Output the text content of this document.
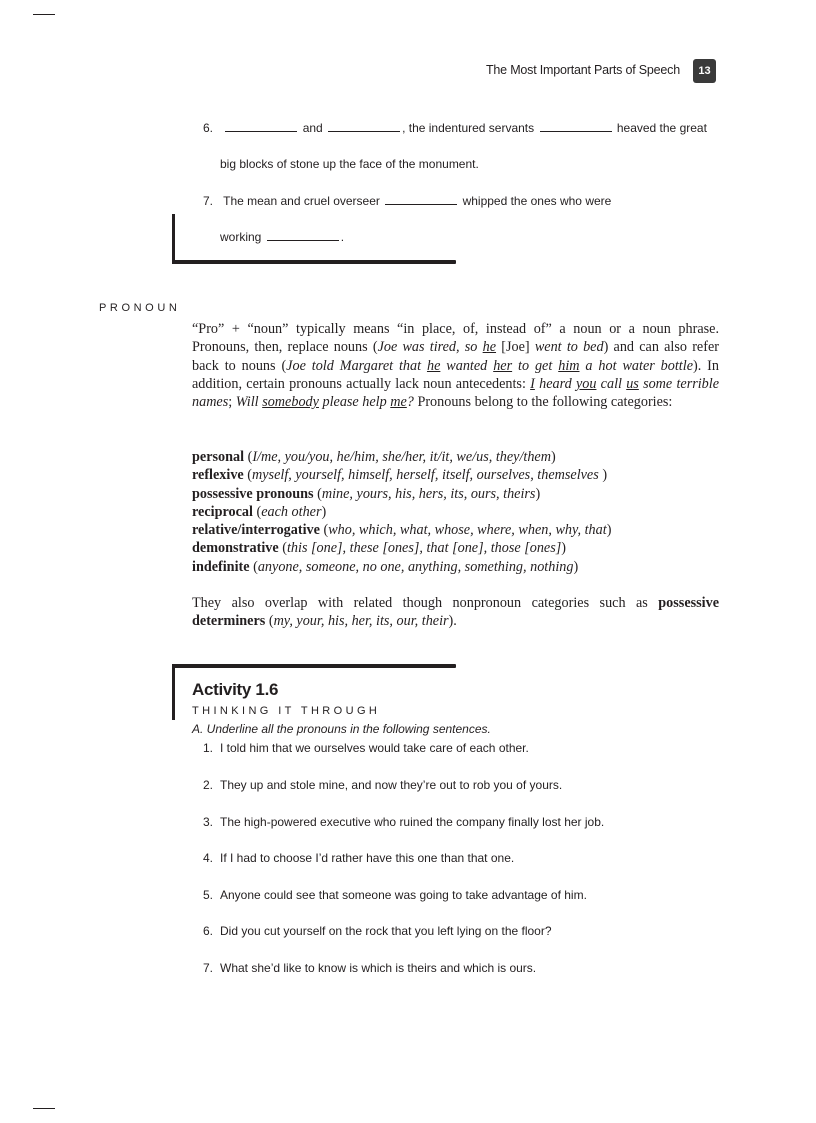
The Most Important Parts of Speech	13
6.	and	, the indentured servants	heaved the great
big blocks of stone up the face of the monument.
7. The mean and cruel overseer	whipped the ones who were
working	.
PRONOUN
“Pro” + “noun” typically means “in place, of, instead of” a noun or a noun phrase. Pronouns, then, replace nouns (Joe was tired, so he [Joe] went to bed) and can also refer back to nouns (Joe told Margaret that he wanted her to get him a hot water bottle). In addition, certain pronouns actually lack noun antecedents: I heard you call us some terrible names; Will somebody please help me? Pronouns belong to the following categories:
personal (I/me, you/you, he/him, she/her, it/it, we/us, they/them)
reflexive (myself, yourself, himself, herself, itself, ourselves, themselves )
possessive pronouns (mine, yours, his, hers, its, ours, theirs)
reciprocal (each other)
relative/interrogative (who, which, what, whose, where, when, why, that)
demonstrative (this [one], these [ones], that [one], those [ones])
indefinite (anyone, someone, no one, anything, something, nothing)
They also overlap with related though nonpronoun categories such as possessive determiners (my, your, his, her, its, our, their).
Activity 1.6
THINKING IT THROUGH
A. Underline all the pronouns in the following sentences.
1. I told him that we ourselves would take care of each other.
2. They up and stole mine, and now they’re out to rob you of yours.
3. The high-powered executive who ruined the company finally lost her job.
4. If I had to choose I’d rather have this one than that one.
5. Anyone could see that someone was going to take advantage of him.
6. Did you cut yourself on the rock that you left lying on the floor?
7. What she’d like to know is which is theirs and which is ours.
